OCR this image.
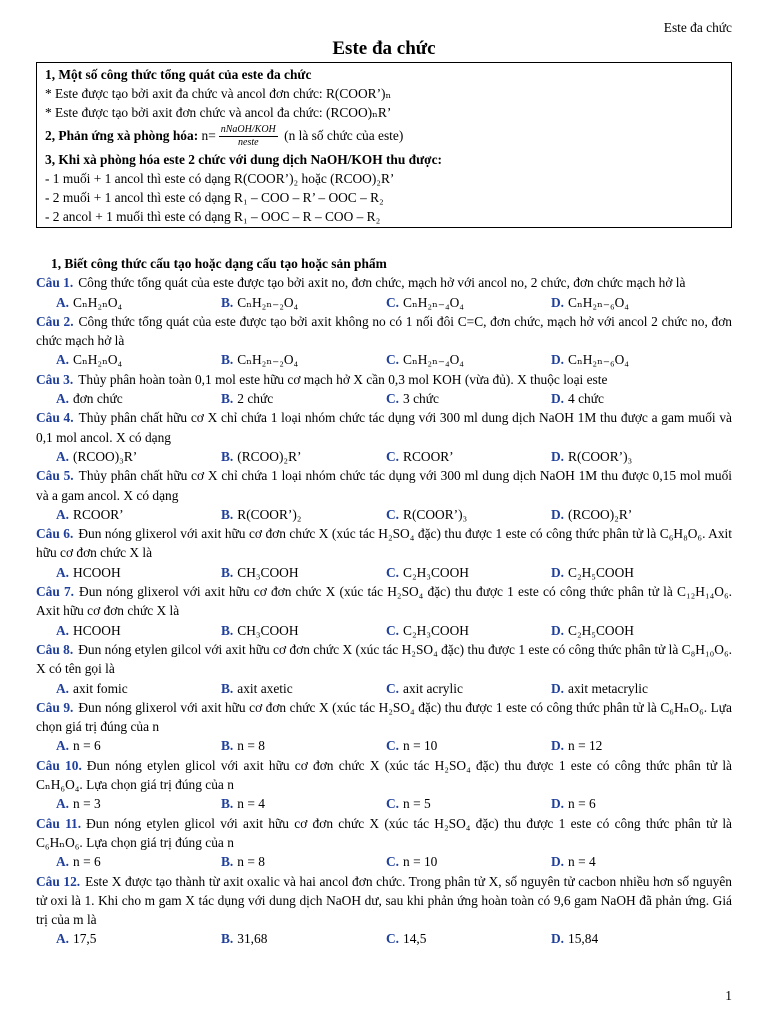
Este đa chức
Este đa chức
1, Một số công thức tổng quát của este đa chức
* Este được tạo bởi axit đa chức và ancol đơn chức: R(COOR’)ₙ
* Este được tạo bởi axit đơn chức và ancol đa chức: (RCOO)ₙR’
2, Phản ứng xà phòng hóa: $n= \frac{\text{nNaOH/KOH}}{\text{neste}} (n$ là số chức của este)
3, Khi xà phòng hóa este 2 chức với dung dịch NaOH/KOH thu được:
- 1 muối + 1 ancol thì este có dạng R(COOR’)₂ hoặc (RCOO)₂R’
- 2 muối + 1 ancol thì este có dạng R₁ – COO – R’ – OOC – R₂
- 2 ancol + 1 muối thì este có dạng R₁ – OOC – R – COO – R₂
1, Biết công thức cấu tạo hoặc dạng cấu tạo hoặc sản phẩm
Câu 1. Công thức tổng quát của este được tạo bởi axit no, đơn chức, mạch hở với ancol no, 2 chức, đơn chức mạch hở là
A. CₙH₂ₙO₄	B. CₙH₂ₙ₋₂O₄	C. CₙH₂ₙ₋₄O₄	D. CₙH₂ₙ₋₆O₄
Câu 2. Công thức tổng quát của este được tạo bởi axit không no có 1 nối đôi C=C, đơn chức, mạch hở với ancol 2 chức no, đơn chức mạch hở là
A. CₙH₂ₙO₄	B. CₙH₂ₙ₋₂O₄	C. CₙH₂ₙ₋₄O₄	D. CₙH₂ₙ₋₆O₄
Câu 3. Thủy phân hoàn toàn 0,1 mol este hữu cơ mạch hở X cần 0,3 mol KOH (vừa đủ). X thuộc loại este
A. đơn chức	B. 2 chức	C. 3 chức	D. 4 chức
Câu 4. Thủy phân chất hữu cơ X chỉ chứa 1 loại nhóm chức tác dụng với 300 ml dung dịch NaOH 1M thu được a gam muối và 0,1 mol ancol. X có dạng
A. (RCOO)₃R’	B. (RCOO)₂R’	C. RCOOR’	D. R(COOR’)₃
Câu 5. Thủy phân chất hữu cơ X chỉ chứa 1 loại nhóm chức tác dụng với 300 ml dung dịch NaOH 1M thu được 0,15 mol muối và a gam ancol. X có dạng
A. RCOOR’	B. R(COOR’)₂	C. R(COOR’)₃	D. (RCOO)₂R’
Câu 6. Đun nóng glixerol với axit hữu cơ đơn chức X (xúc tác H₂SO₄ đặc) thu được 1 este có công thức phân tử là C₆H₈O₆. Axit hữu cơ đơn chức X là
A. HCOOH	B. CH₃COOH	C. C₂H₃COOH	D. C₂H₅COOH
Câu 7. Đun nóng glixerol với axit hữu cơ đơn chức X (xúc tác H₂SO₄ đặc) thu được 1 este có công thức phân tử là C₁₂H₁₄O₆. Axit hữu cơ đơn chức X là
A. HCOOH	B. CH₃COOH	C. C₂H₃COOH	D. C₂H₅COOH
Câu 8. Đun nóng etylen gilcol với axit hữu cơ đơn chức X (xúc tác H₂SO₄ đặc) thu được 1 este có công thức phân tử là C₈H₁₀O₆. X có tên gọi là
A. axit fomic	B. axit axetic	C. axit acrylic	D. axit metacrylic
Câu 9. Đun nóng glixerol với axit hữu cơ đơn chức X (xúc tác H₂SO₄ đặc) thu được 1 este có công thức phân tử là C₆HₙO₆. Lựa chọn giá trị đúng của n
A. n = 6	B. n = 8	C. n = 10	D. n = 12
Câu 10. Đun nóng etylen glicol với axit hữu cơ đơn chức X (xúc tác H₂SO₄ đặc) thu được 1 este có công thức phân tử là CₙH₆O₄. Lựa chọn giá trị đúng của n
A. n = 3	B. n = 4	C. n = 5	D. n = 6
Câu 11. Đun nóng etylen glicol với axit hữu cơ đơn chức X (xúc tác H₂SO₄ đặc) thu được 1 este có công thức phân tử là C₆HₙO₆. Lựa chọn giá trị đúng của n
A. n = 6	B. n = 8	C. n = 10	D. n = 4
Câu 12. Este X được tạo thành từ axit oxalic và hai ancol đơn chức. Trong phân tử X, số nguyên tử cacbon nhiều hơn số nguyên tử oxi là 1. Khi cho m gam X tác dụng với dung dịch NaOH dư, sau khi phản ứng hoàn toàn có 9,6 gam NaOH đã phản ứng. Giá trị của m là
A. 17,5	B. 31,68	C. 14,5	D. 15,84
1
